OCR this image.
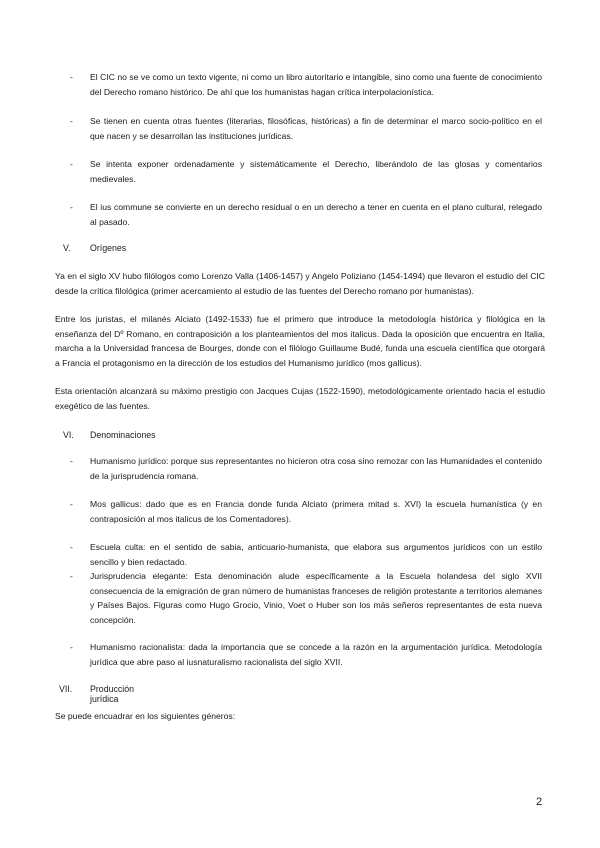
- El CIC no se ve como un texto vigente, ni como un libro autoritario e intangible, sino como una fuente de conocimiento del Derecho romano histórico. De ahí que los humanistas hagan crítica interpolacionística.
- Se tienen en cuenta otras fuentes (literarias, filosóficas, históricas) a fin de determinar el marco socio-político en el que nacen y se desarrollan las instituciones jurídicas.
- Se intenta exponer ordenadamente y sistemáticamente el Derecho, liberándolo de las glosas y comentarios medievales.
- El ius commune se convierte en un derecho residual o en un derecho a tener en cuenta en el plano cultural, relegado al pasado.
V. Orígenes
Ya en el siglo XV hubo filólogos como Lorenzo Valla (1406-1457) y Angelo Poliziano (1454-1494) que llevaron el estudio del CIC desde la crítica filológica (primer acercamiento al estudio de las fuentes del Derecho romano por humanistas).
Entre los juristas, el milanés Alciato (1492-1533) fue el primero que introduce la metodología histórica y filológica en la enseñanza del Dº Romano, en contraposición a los planteamientos del mos italicus. Dada la oposición que encuentra en Italia, marcha a la Universidad francesa de Bourges, donde con el filólogo Guillaume Budé, funda una escuela científica que otorgará a Francia el protagonismo en la dirección de los estudios del Humanismo jurídico (mos gallicus).
Esta orientación alcanzará su máximo prestigio con Jacques Cujas (1522-1590), metodológicamente orientado hacia el estudio exegético de las fuentes.
VI. Denominaciones
- Humanismo jurídico: porque sus representantes no hicieron otra cosa sino remozar con las Humanidades el contenido de la jurisprudencia romana.
- Mos gallicus: dado que es en Francia donde funda Alciato (primera mitad s. XVI) la escuela humanística (y en contraposición al mos italicus de los Comentadores).
- Escuela culta: en el sentido de sabia, anticuario-humanista, que elabora sus argumentos jurídicos con un estilo sencillo y bien redactado.
- Jurisprudencia elegante: Esta denominación alude específicamente a la Escuela holandesa del siglo XVII consecuencia de la emigración de gran número de humanistas franceses de religión protestante a territorios alemanes y Países Bajos. Figuras como Hugo Grocio, Vinio, Voet o Huber son los más señeros representantes de esta nueva concepción.
- Humanismo racionalista: dada la importancia que se concede a la razón en la argumentación jurídica. Metodología jurídica que abre paso al iusnaturalismo racionalista del siglo XVII.
VII. Producción jurídica
Se puede encuadrar en los siguientes géneros:
2
